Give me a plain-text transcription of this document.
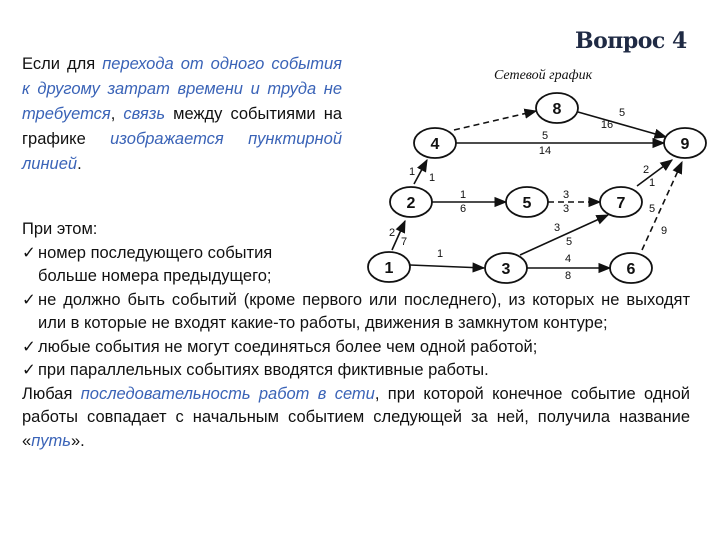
Вопрос 4
Сетевой график
Если для перехода от одного события к другому затрат времени и труда не требуется, связь между событиями на графике изображается пунктирной линией.

При этом:

✓ номер последующего события

больше номера предыдущего;

✓ не должно быть событий (кроме первого или последнего), из которых не выходят или в которые не входят какие-то работы, движения в замкнутом контуре;
✓ любые события не могут соединяться более чем одной работой;
✓ при параллельных событиях вводятся фиктивные работы.

Любая последовательность работ в сети, при которой конечное событие одной работы совпадает с начальным событием следующей за ней, получила название «путь».

1
2
3
4
5
6
7
8
9
5
16
5
14
1 1
1
6
3
3
2
7
1
3
5
4
8
2
1
5
9
